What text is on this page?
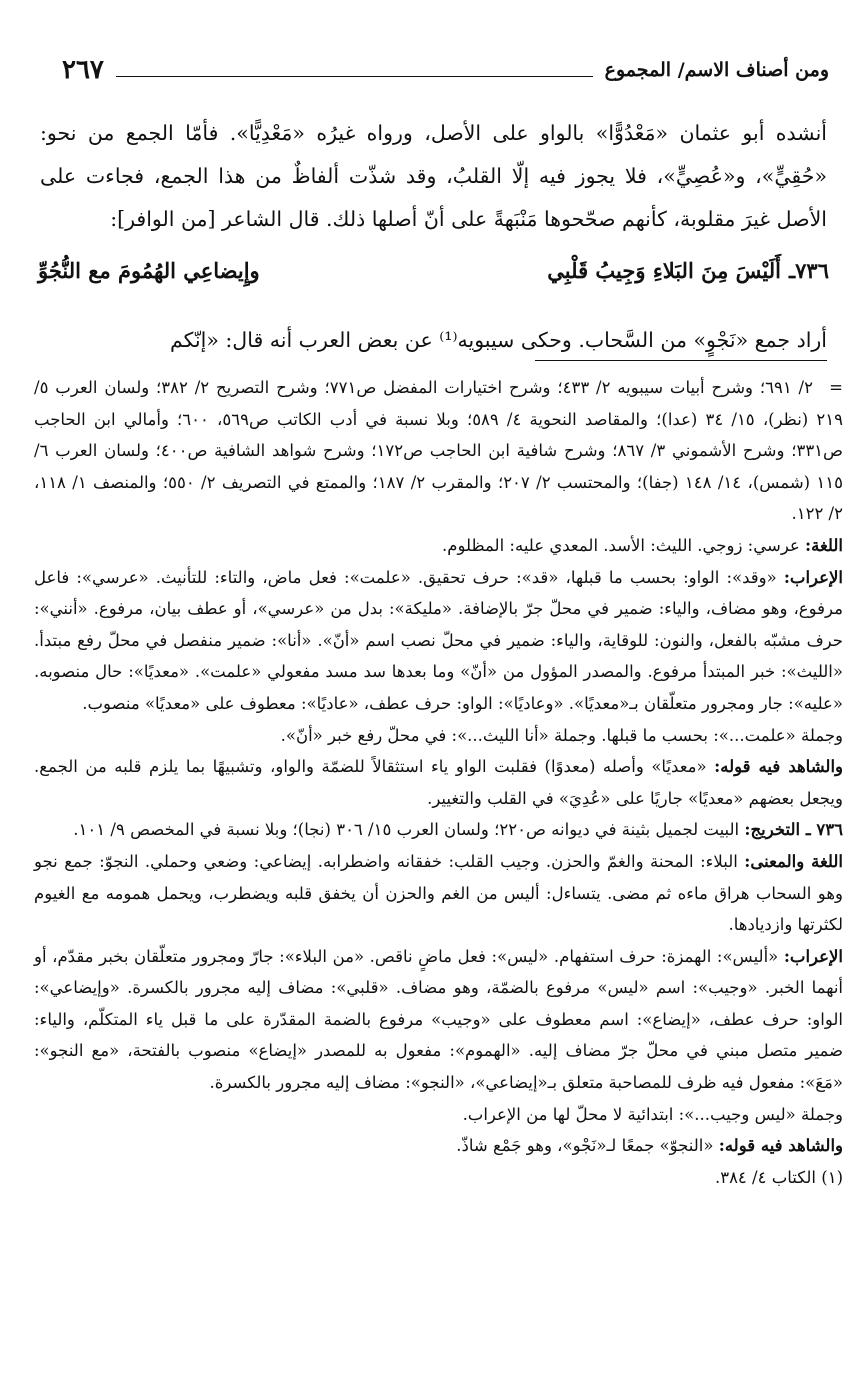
ومن أصناف الاسم/ المجموع
٢٦٧

أنشده أبو عثمان «مَعْدُوًّا» بالواو على الأصل، ورواه غيرُه «مَعْدِيًّا». فأمّا الجمع من نحو: «حُقِيٍّ»، و«عُصِيٍّ»، فلا يجوز فيه إلّا القلبُ، وقد شذّت ألفاظٌ من هذا الجمع، فجاءت على الأصل غيرَ مقلوبة، كأنهم صحّحوها مَنْبَهةً على أنّ أصلها ذلك. قال الشاعر [من الوافر]:

٧٣٦ـ
أَلَيْسَ مِنَ البَلاءِ وَجِيبُ قَلْبِي
وإِيضاعِي الهُمُومَ مع النُّجُوِّ

أراد جمع «نَجْوٍ» من السَّحاب. وحكى سيبويه⁽¹⁾ عن بعض العرب أنه قال: «إنّكم

=٢/ ٦٩١؛ وشرح أبيات سيبويه ٢/ ٤٣٣؛ وشرح اختيارات المفضل ص٧٧١؛ وشرح التصريح ٢/ ٣٨٢؛ ولسان العرب ٥/ ٢١٩ (نظر)، ١٥/ ٣٤ (عدا)؛ والمقاصد النحوية ٤/ ٥٨٩؛ وبلا نسبة في أدب الكاتب ص٥٦٩، ٦٠٠؛ وأمالي ابن الحاجب ص٣٣١؛ وشرح الأشموني ٣/ ٨٦٧؛ وشرح شافية ابن الحاجب ص١٧٢؛ وشرح شواهد الشافية ص٤٠٠؛ ولسان العرب ٦/ ١١٥ (شمس)، ١٤/ ١٤٨ (جفا)؛ والمحتسب ٢/ ٢٠٧؛ والمقرب ٢/ ١٨٧؛ والممتع في التصريف ٢/ ٥٥٠؛ والمنصف ١/ ١١٨، ٢/ ١٢٢.

اللغة: عرسي: زوجي. الليث: الأسد. المعدي عليه: المظلوم.

الإعراب: «وقد»: الواو: بحسب ما قبلها، «قد»: حرف تحقيق. «علمت»: فعل ماض، والتاء: للتأنيث. «عرسي»: فاعل مرفوع، وهو مضاف، والياء: ضمير في محلّ جرّ بالإضافة. «مليكة»: بدل من «عرسي»، أو عطف بيان، مرفوع. «أنني»: حرف مشبّه بالفعل، والنون: للوقاية، والياء: ضمير في محلّ نصب اسم «أنّ». «أنا»: ضمير منفصل في محلّ رفع مبتدأ. «الليث»: خبر المبتدأ مرفوع. والمصدر المؤول من «أنّ» وما بعدها سد مسد مفعولي «علمت». «معديًا»: حال منصوبه. «عليه»: جار ومجرور متعلّقان بـ«معديًا». «وعاديًا»: الواو: حرف عطف، «عاديًا»: معطوف على «معديًا» منصوب.

وجملة «علمت...»: بحسب ما قبلها. وجملة «أنا الليث...»: في محلّ رفع خبر «أنّ».

والشاهد فيه قوله: «معديًا» وأصله (معدوًا) فقلبت الواو ياء استثقالاً للضمّة والواو، وتشبيهًا بما يلزم قلبه من الجمع. ويجعل بعضهم «معديًا» جاريًا على «عُدِيَ» في القلب والتغيير.

٧٣٦ ـ التخريج: البيت لجميل بثينة في ديوانه ص٢٢٠؛ ولسان العرب ١٥/ ٣٠٦ (نجا)؛ وبلا نسبة في المخصص ٩/ ١٠١.

اللغة والمعنى: البلاء: المحنة والغمّ والحزن. وجيب القلب: خفقانه واضطرابه. إيضاعي: وضعي وحملي. النجوّ: جمع نجو وهو السحاب هراق ماءه ثم مضى. يتساءل: أليس من الغم والحزن أن يخفق قلبه ويضطرب، ويحمل همومه مع الغيوم لكثرتها وازديادها.

الإعراب: «أليس»: الهمزة: حرف استفهام. «ليس»: فعل ماضٍ ناقص. «من البلاء»: جارّ ومجرور متعلّقان بخبر مقدّم، أو أنهما الخبر. «وجيب»: اسم «ليس» مرفوع بالضمّة، وهو مضاف. «قلبي»: مضاف إليه مجرور بالكسرة. «وإيضاعي»: الواو: حرف عطف، «إيضاع»: اسم معطوف على «وجيب» مرفوع بالضمة المقدّرة على ما قبل ياء المتكلّم، والياء: ضمير متصل مبني في محلّ جرّ مضاف إليه. «الهموم»: مفعول به للمصدر «إيضاع» منصوب بالفتحة، «مع النجو»: «مَعَ»: مفعول فيه ظرف للمصاحبة متعلق بـ«إيضاعي»، «النجو»: مضاف إليه مجرور بالكسرة.

وجملة «ليس وجيب...»: ابتدائية لا محلّ لها من الإعراب.

والشاهد فيه قوله: «النجوّ» جمعًا لـ«نَجْو»، وهو جَمْع شاذّ.

(١) الكتاب ٤/ ٣٨٤.
